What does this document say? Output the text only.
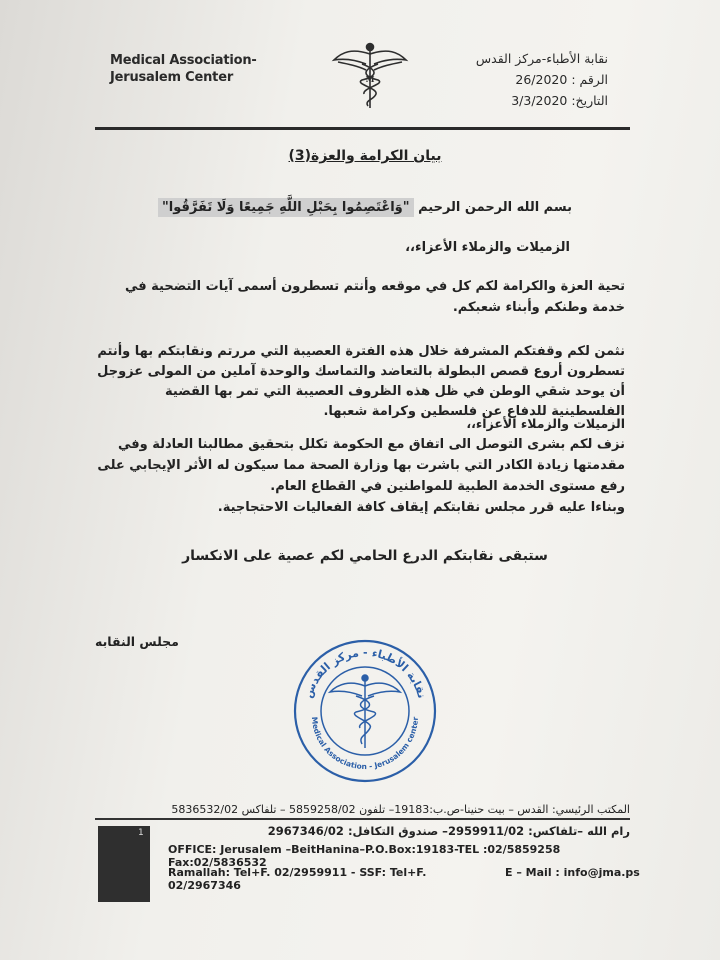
Medical Association-Jerusalem Center	M
نقابة الأطباء-مركز القدس
الرقم : 26/2020
التاريخ: 3/3/2020
بيان الكرامة والعزة(3)
بسم الله الرحمن الرحيم "وَاعْتَصِمُوا بِحَبْلِ اللَّهِ جَمِيعًا وَلَا تَفَرَّقُوا"
الزميلات والزملاء الأعزاء،،
تحية العزة والكرامة لكم كل في موقعه وأنتم تسطرون أسمى آيات التضحية في خدمة وطنكم وأبناء شعبكم.
نثمن لكم وقفتكم المشرفة خلال هذه الفترة العصيبة التي مررتم ونقابتكم بها وأنتم تسطرون أروع قصص البطولة بالتعاضد والتماسك والوحدة آملين من المولى عزوجل أن يوحد شقي الوطن في ظل هذه الظروف العصيبة التي تمر بها القضية الفلسطينية للدفاع عن فلسطين وكرامة شعبها.
الزميلات والزملاء الأعزاء،،
نزف لكم بشرى التوصل الى اتفاق مع الحكومة تكلل بتحقيق مطالبنا العادلة وفي مقدمتها زيادة الكادر التي باشرت بها وزارة الصحة مما سيكون له الأثر الإيجابي على رفع مستوى الخدمة الطبية للمواطنين في القطاع العام.
وبناءا عليه قرر مجلس نقابتكم إيقاف كافة الفعاليات الاحتجاجية.
ستبقى نقابتكم الدرع الحامي لكم عصية على الانكسار
مجلس النقابه
نقابة الأطباء - مركز القدس
Medical Association - Jerusalem center
المكتب الرئيسي: القدس – بيت حنينا-ص.ب:19183– تلفون 5859258/02 – تلفاكس 5836532/02
1	رام الله –تلفاكس: 2959911/02– صندوق التكافل: 2967346/02
OFFICE: Jerusalem –BeitHanina–P.O.Box:19183-TEL :02/5859258 Fax:02/5836532
Ramallah: Tel+F. 02/2959911 - SSF: Tel+F. 02/2967346
E – Mail : info@jma.ps
